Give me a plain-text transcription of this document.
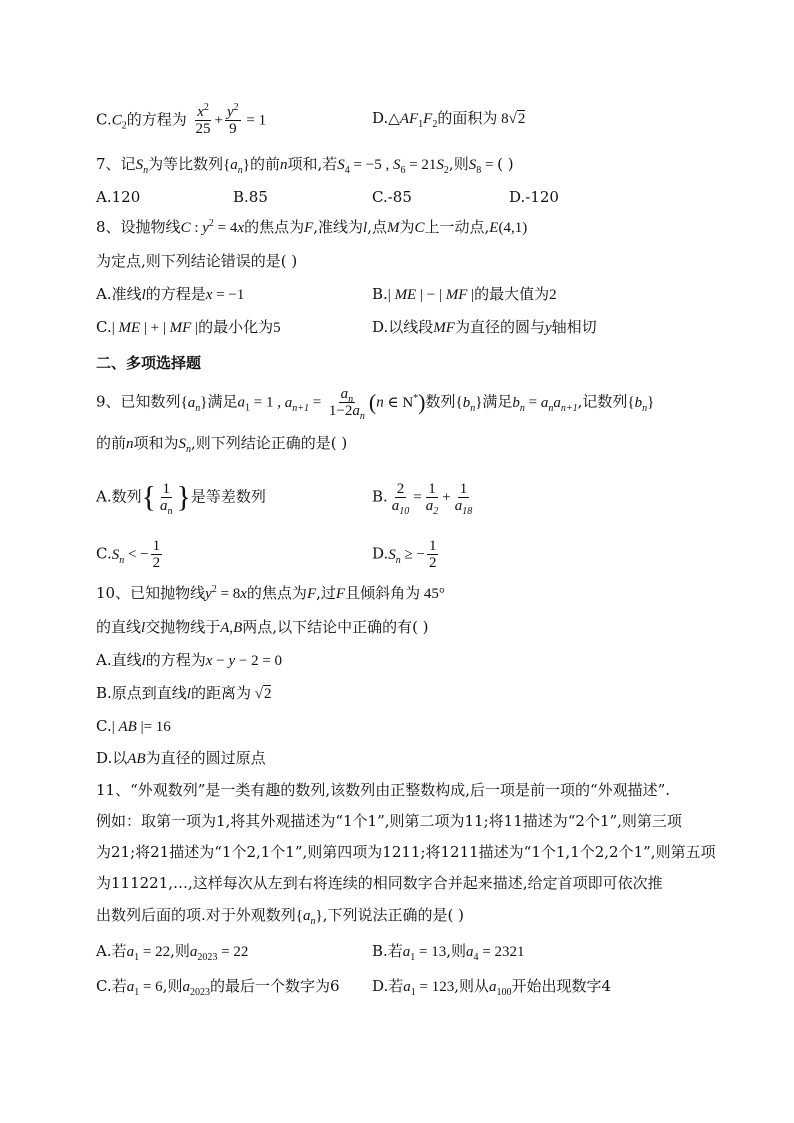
$C.C_2$的方程为 $\frac{x^2}{25} + \frac{y^2}{9} = 1$	$D.\triangle AF_1F_2$的面积为 8√2
7、记$S_n$为等比数列$\{a_n\}$的前n项和,若$S_4 = -5$ , $S_6 = 21S_2$,则$S_8$ = ( )
A.120	B.85	C.-85	D.-120
8、设抛物线C : $y^2 = 4x$的焦点为F,准线为l,点M为C上一动点,E(4,1)
为定点,则下列结论错误的是( )
A.准线l的方程是x = −1	B.| ME | − | MF |的最大值为2
C.| ME | + | MF |的最小化为5	D.以线段MF为直径的圆与y轴相切
二、多项选择题
9、已知数列$\{a_n\}$满足$a_1 = 1$ , $a_{n+1} = \frac{a_n}{1-2a_n} (n$ ∈ N*)数列$\{b_n\}$满足$b_n = a_na_{n+1}$,记数列$\{b_n\}$
的前n项和为$S_n$,则下列结论正确的是( )
A.数列{ $\frac{1}{a_n}$ }是等差数列	B. $\frac{2}{a_{10}} = \frac{1}{a_2} + \frac{1}{a_{18}}$
$C.S_n$ < − $\frac{1}{2}$	$D.S_n$ ≥ − $\frac{1}{2}$
10、已知抛物线$y^2 = 8x$的焦点为F,过F且倾斜角为 45°
的直线l交抛物线于A,B两点,以下结论中正确的有( )
A.直线l的方程为x − y − 2 = 0
B.原点到直线l的距离为 √2
C.| AB |= 16
D.以AB为直径的圆过原点
11、“外观数列”是一类有趣的数列,该数列由正整数构成,后一项是前一项的“外观描述”.
例如：取第一项为1,将其外观描述为“1个1”,则第二项为11;将11描述为“2个1”,则第三项
为21;将21描述为“1个2,1个1”,则第四项为1211;将1211描述为“1个1,1个2,2个1”,则第五项
为111221,…,这样每次从左到右将连续的相同数字合并起来描述,给定首项即可依次推
出数列后面的项.对于外观数列$\{a_n\}$,下列说法正确的是( )
A.若$a_1 = 22$,则$a_{2023} = 22$	B.若$a_1 = 13$,则$a_4 = 2321$
C.若$a_1 = 6$,则$a_{2023}$的最后一个数字为6 D.若$a_1 = 123$,则从$a_{100}$开始出现数字4
